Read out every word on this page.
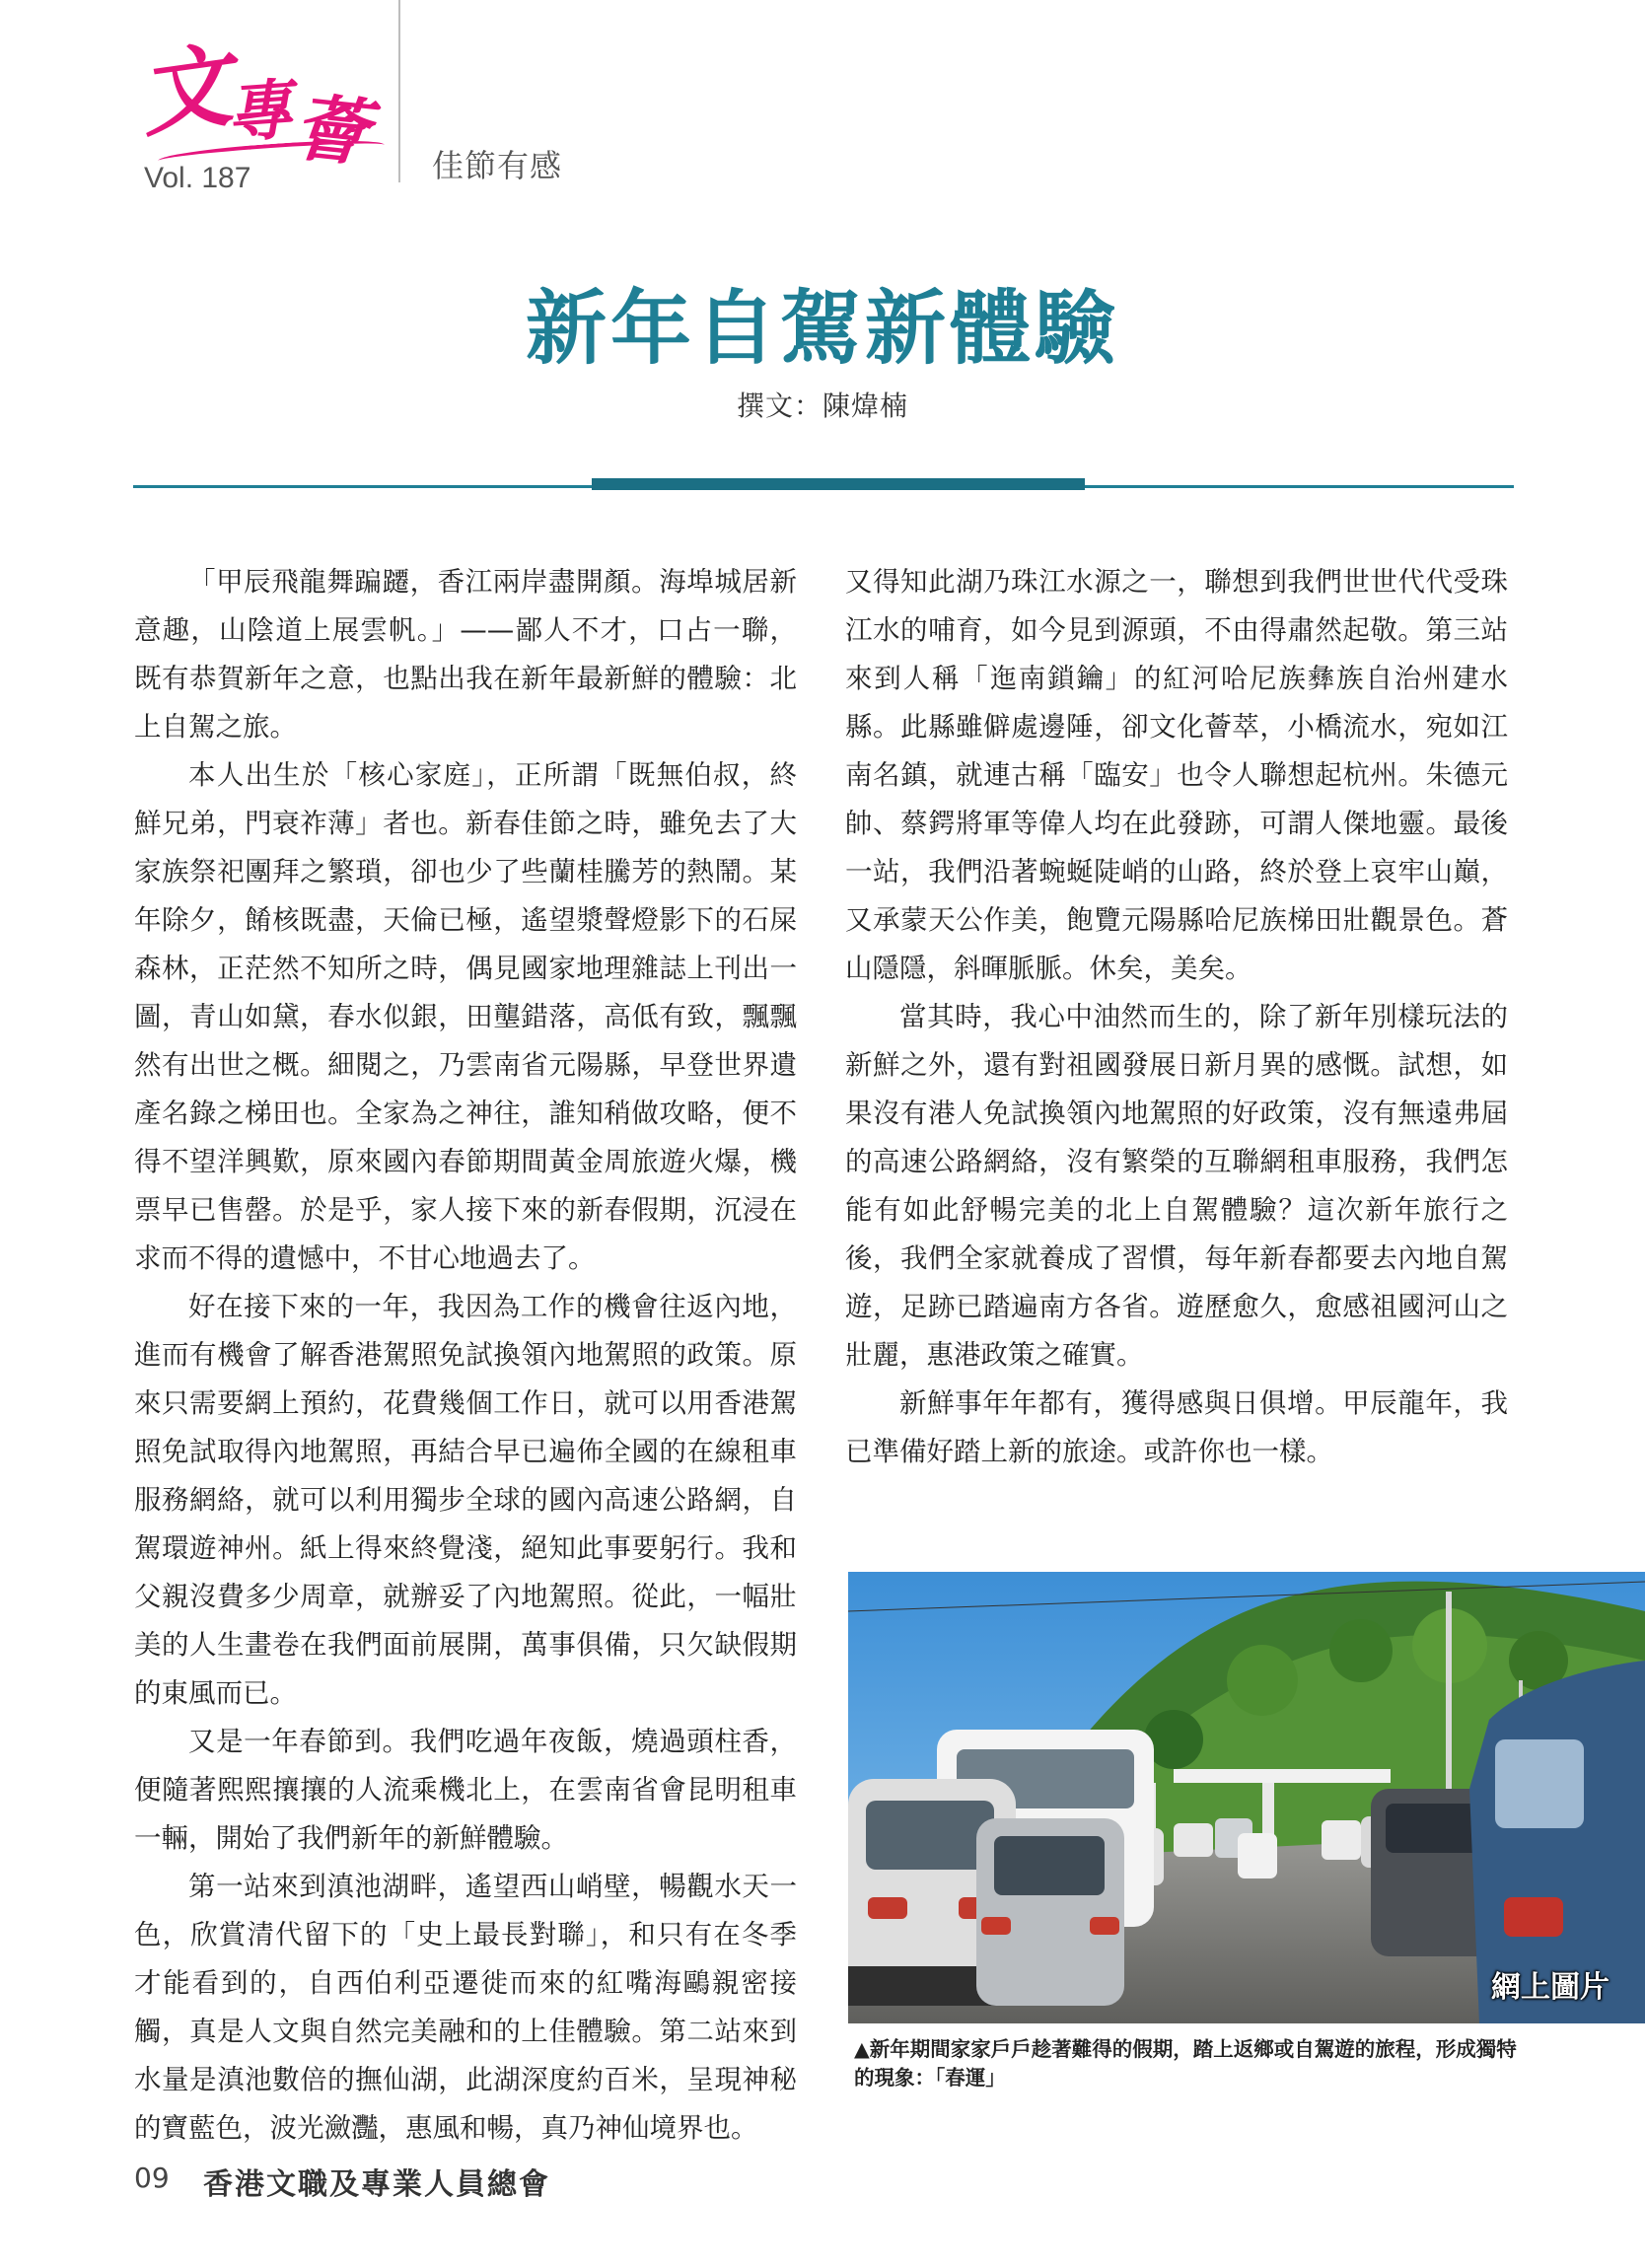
文
專
薈
Vol. 187	佳節有感
新年自駕新體驗
撰文：陳煒楠

「甲辰飛龍舞蹁躚，香江兩岸盡開顏。海埠城居新意趣，山陰道上展雲帆。」——鄙人不才，口占一聯，既有恭賀新年之意，也點出我在新年最新鮮的體驗：北上自駕之旅。

本人出生於「核心家庭」，正所謂「既無伯叔，終鮮兄弟，門衰祚薄」者也。新春佳節之時，雖免去了大家族祭祀團拜之繁瑣，卻也少了些蘭桂騰芳的熱鬧。某年除夕，餚核既盡，天倫已極，遙望漿聲燈影下的石屎森林，正茫然不知所之時，偶見國家地理雜誌上刊出一圖，青山如黛，春水似銀，田壟錯落，高低有致，飄飄然有出世之概。細閱之，乃雲南省元陽縣，早登世界遺產名錄之梯田也。全家為之神往，誰知稍做攻略，便不得不望洋興歎，原來國內春節期間黃金周旅遊火爆，機票早已售罄。於是乎，家人接下來的新春假期，沉浸在求而不得的遺憾中，不甘心地過去了。

好在接下來的一年，我因為工作的機會往返內地，進而有機會了解香港駕照免試換領內地駕照的政策。原來只需要網上預約，花費幾個工作日，就可以用香港駕照免試取得內地駕照，再結合早已遍佈全國的在線租車服務網絡，就可以利用獨步全球的國內高速公路網，自駕環遊神州。紙上得來終覺淺，絕知此事要躬行。我和父親沒費多少周章，就辦妥了內地駕照。從此，一幅壯美的人生畫卷在我們面前展開，萬事俱備，只欠缺假期的東風而已。

又是一年春節到。我們吃過年夜飯，燒過頭柱香，便隨著熙熙攘攘的人流乘機北上，在雲南省會昆明租車一輛，開始了我們新年的新鮮體驗。

第一站來到滇池湖畔，遙望西山峭壁，暢觀水天一色，欣賞清代留下的「史上最長對聯」，和只有在冬季才能看到的，自西伯利亞遷徙而來的紅嘴海鷗親密接觸，真是人文與自然完美融和的上佳體驗。第二站來到水量是滇池數倍的撫仙湖，此湖深度約百米，呈現神秘的寶藍色，波光瀲灩，惠風和暢，真乃神仙境界也。

又得知此湖乃珠江水源之一，聯想到我們世世代代受珠江水的哺育，如今見到源頭，不由得肅然起敬。第三站來到人稱「迤南鎖鑰」的紅河哈尼族彝族自治州建水縣。此縣雖僻處邊陲，卻文化薈萃，小橋流水，宛如江南名鎮，就連古稱「臨安」也令人聯想起杭州。朱德元帥、蔡鍔將軍等偉人均在此發跡，可謂人傑地靈。最後一站，我們沿著蜿蜒陡峭的山路，終於登上哀牢山巔，又承蒙天公作美，飽覽元陽縣哈尼族梯田壯觀景色。蒼山隱隱，斜暉脈脈。休矣，美矣。

當其時，我心中油然而生的，除了新年別樣玩法的新鮮之外，還有對祖國發展日新月異的感慨。試想，如果沒有港人免試換領內地駕照的好政策，沒有無遠弗屆的高速公路網絡，沒有繁榮的互聯網租車服務，我們怎能有如此舒暢完美的北上自駕體驗？這次新年旅行之後，我們全家就養成了習慣，每年新春都要去內地自駕遊，足跡已踏遍南方各省。遊歷愈久，愈感祖國河山之壯麗，惠港政策之確實。

新鮮事年年都有，獲得感與日俱增。甲辰龍年，我已準備好踏上新的旅途。或許你也一樣。

網上圖片
▲新年期間家家戶戶趁著難得的假期，踏上返鄉或自駕遊的旅程，形成獨特的現象：「春運」
09 香港文職及專業人員總會
